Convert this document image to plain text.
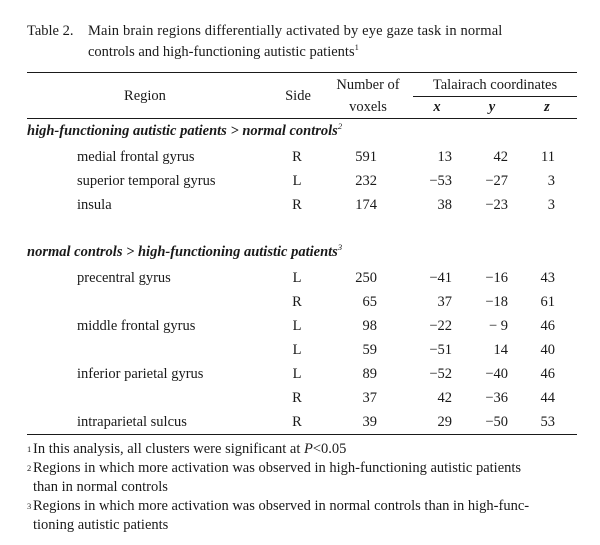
Table 2. Main brain regions differentially activated by eye gaze task in normal
controls and high-functioning autistic patients$^1$
Region	Side
Number of
voxels
Talairach coordinates
x	y	z
high-functioning autistic patients > normal controls$^2$
medial frontal gyrus	R	591	13	42	11
superior temporal gyrus	L	232	−53	−27	3
insula	R	174	38	−23	3
normal controls > high-functioning autistic patients$^3$
precentral gyrus	L	250	−41	−16	43
R	65	37	−18	61
middle frontal gyrus	L	98	−22	− 9	46
L	59	−51	14	40
inferior parietal gyrus	L	89	−52	−40	46
R	37	42	−36	44
intraparietal sulcus	R	39	29	−50	53
1 In this analysis, all clusters were significant at P<0.05
2 Regions in which more activation was observed in high-functioning autistic patients
than in normal controls
3 Regions in which more activation was observed in normal controls than in high-func-
tioning autistic patients
